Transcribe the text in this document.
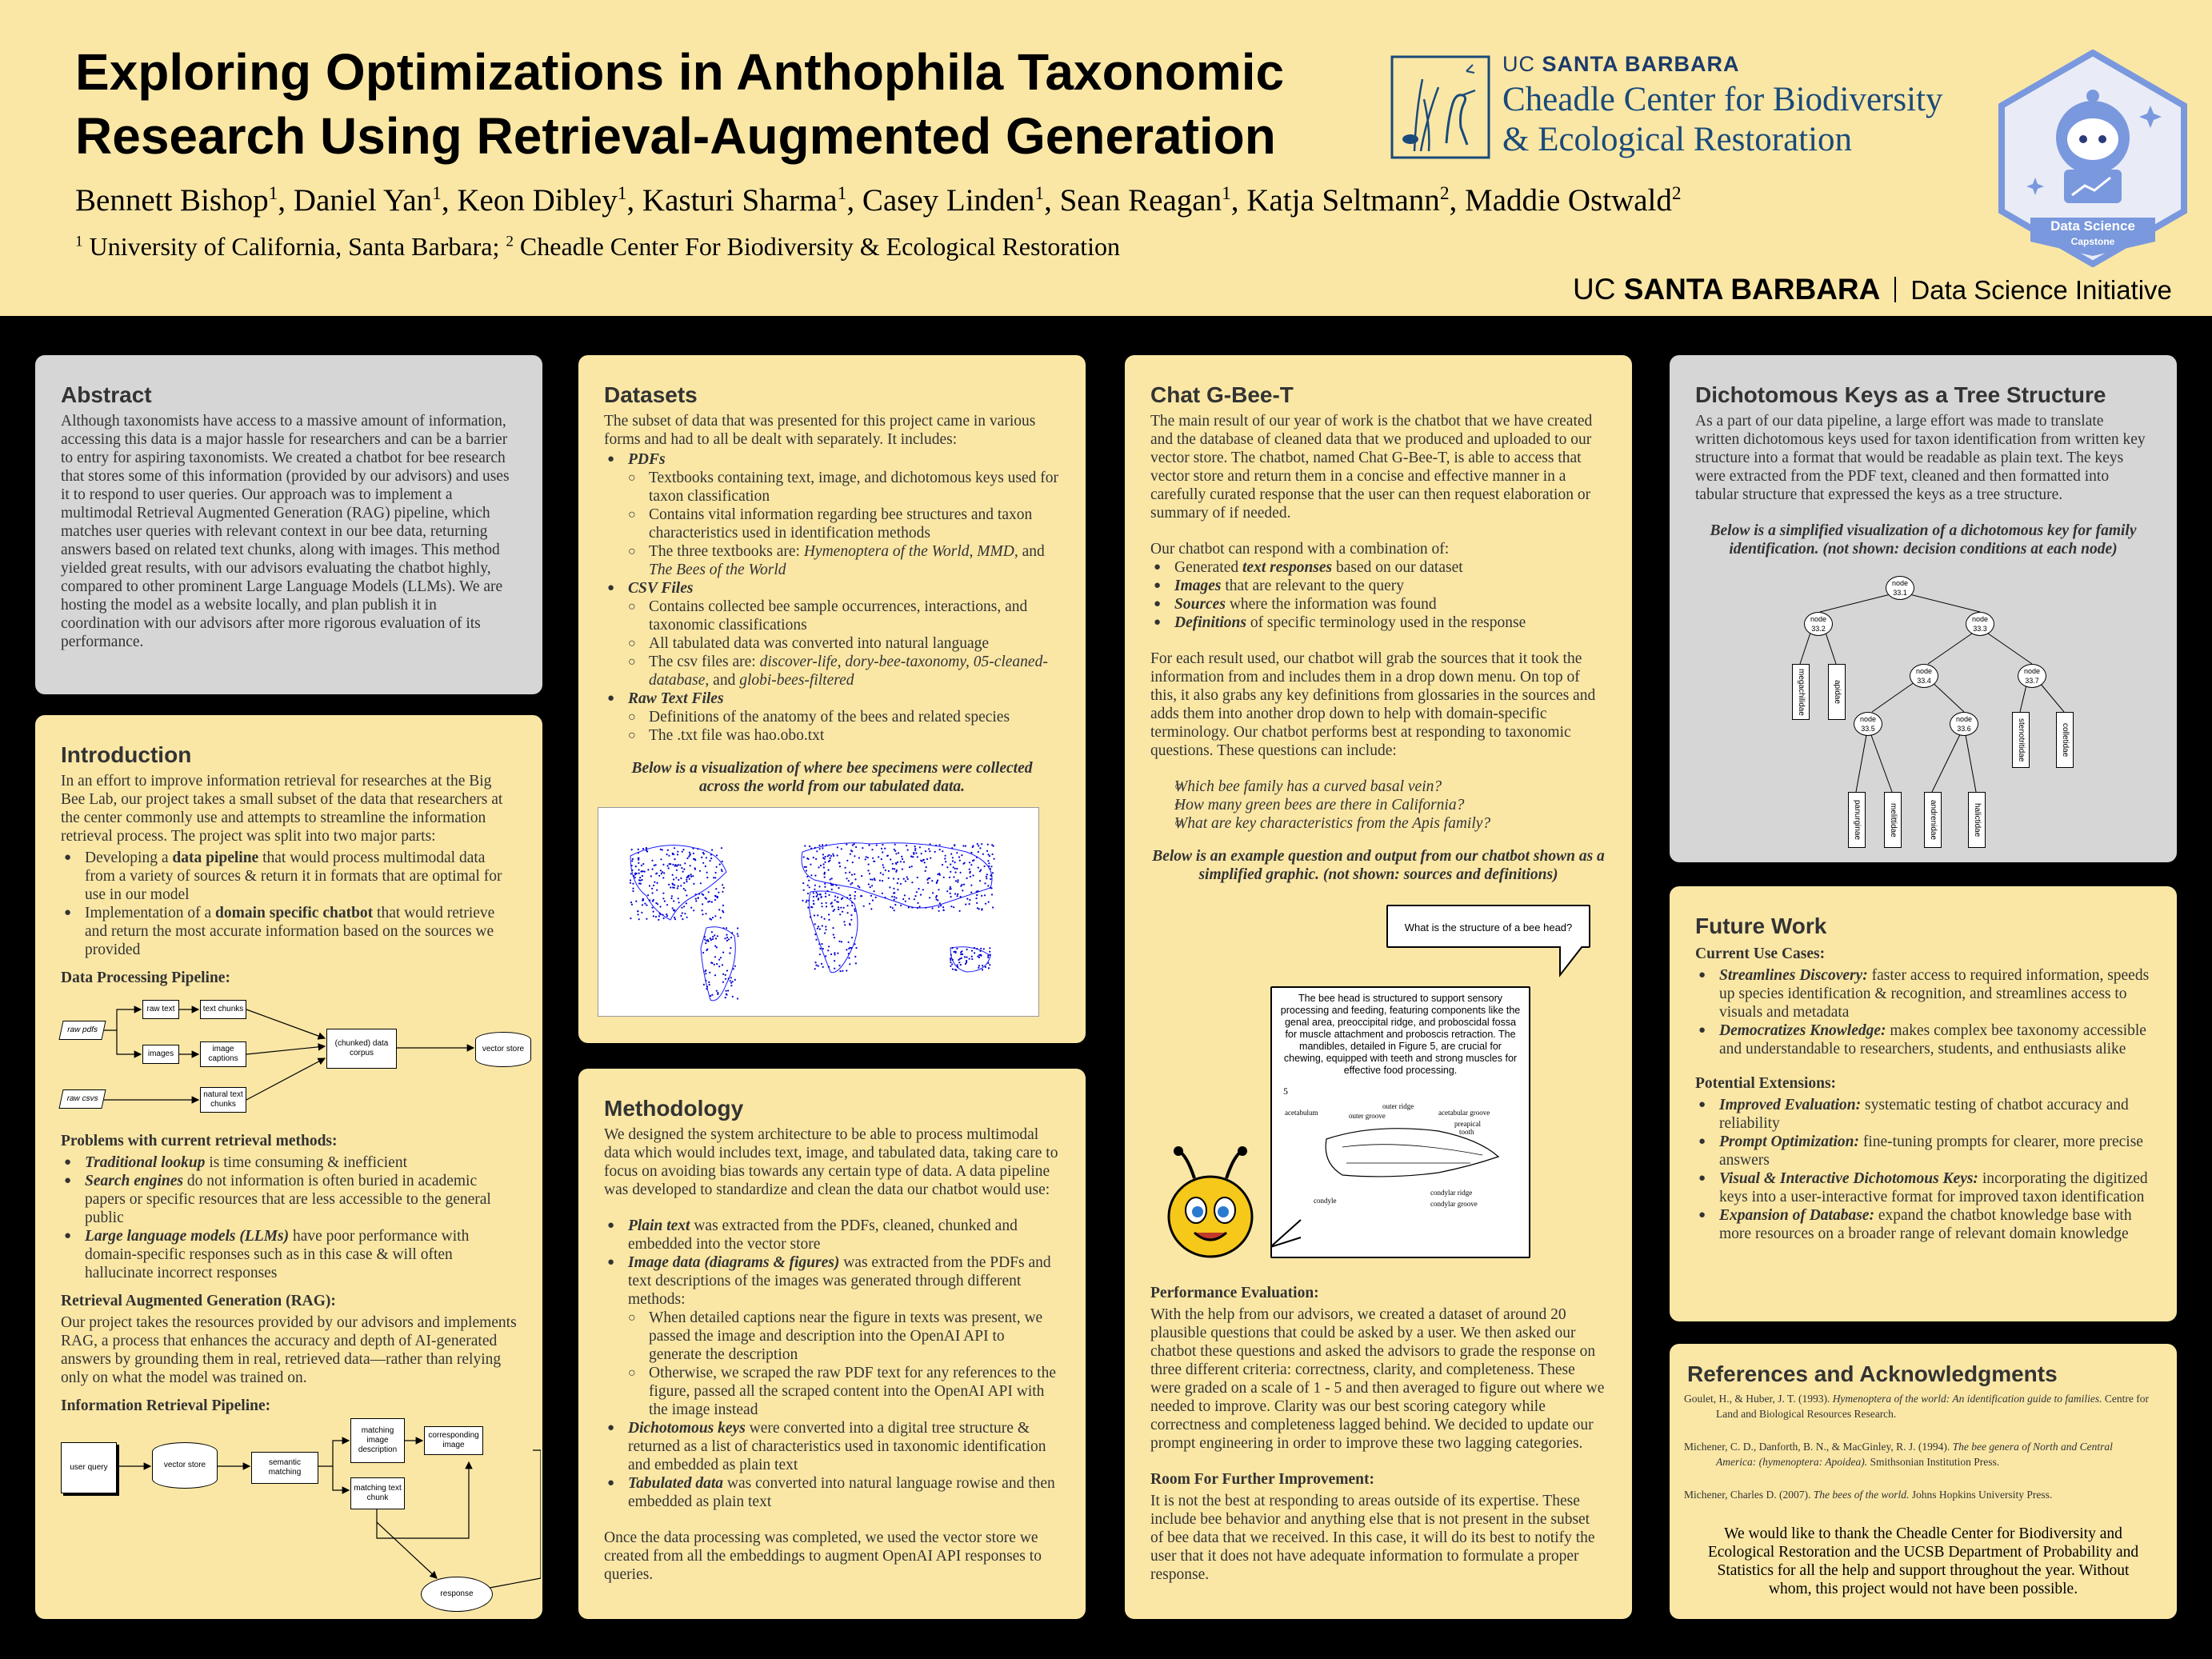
Exploring Optimizations in Anthophila Taxonomic Research Using Retrieval-Augmented Generation
Bennett Bishop$^1$, Daniel Yan$^1$, Keon Dibley$^1$, Kasturi Sharma$^1$, Casey Linden$^1$, Sean Reagan$^1$, Katja Seltmann$^2$, Maddie Ostwald$^2$
$^1$ University of California, Santa Barbara; $^2$ Cheadle Center For Biodiversity & Ecological Restoration
UC SANTA BARBARA
Cheadle Center for Biodiversity
& Ecological Restoration
Data Science
Capstone
UC SANTA BARBARA Data Science Initiative
Abstract

Although taxonomists have access to a massive amount of information, accessing this data is a major hassle for researchers and can be a barrier to entry for aspiring taxonomists. We created a chatbot for bee research that stores some of this information (provided by our advisors) and uses it to respond to user queries. Our approach was to implement a multimodal Retrieval Augmented Generation (RAG) pipeline, which matches user queries with relevant context in our bee data, returning answers based on related text chunks, along with images. This method yielded great results, with our advisors evaluating the chatbot highly, compared to other prominent Large Language Models (LLMs). We are hosting the model as a website locally, and plan publish it in coordination with our advisors after more rigorous evaluation of its performance.

Introduction

In an effort to improve information retrieval for researches at the Big Bee Lab, our project takes a small subset of the data that researchers at the center commonly use and attempts to streamline the information retrieval process. The project was split into two major parts:

● Developing a data pipeline that would process multimodal data from a variety of sources & return it in formats that are optimal for use in our model
● Implementation of a domain specific chatbot that would retrieve and return the most accurate information based on the sources we provided
Data Processing Pipeline:
raw pdfs
raw text
images
text chunks
image captions
raw csvs	natural text chunks
(chunked) data corpus	vector store
Problems with current retrieval methods:
● Traditional lookup is time consuming & inefficient
● Search engines do not information is often buried in academic papers or specific resources that are less accessible to the general public
● Large language models (LLMs) have poor performance with domain-specific responses such as in this case & will often hallucinate incorrect responses
Retrieval Augmented Generation (RAG):

Our project takes the resources provided by our advisors and implements RAG, a process that enhances the accuracy and depth of AI-generated answers by grounding them in real, retrieved data—rather than relying only on what the model was trained on.

Information Retrieval Pipeline:
user query	vector store	semantic matching
matching image description
matching text chunk
corresponding image
response
Datasets

The subset of data that was presented for this project came in various forms and had to all be dealt with separately. It includes:

● PDFs
○ Textbooks containing text, image, and dichotomous keys used for taxon classification
○ Contains vital information regarding bee structures and taxon characteristics used in identification methods
○ The three textbooks are: Hymenoptera of the World, MMD, and The Bees of the World
● CSV Files
○ Contains collected bee sample occurrences, interactions, and taxonomic classifications
○ All tabulated data was converted into natural language
○ The csv files are: discover-life, dory-bee-taxonomy, 05-cleaned-database, and globi-bees-filtered
● Raw Text Files
○ Definitions of the anatomy of the bees and related species
○ The .txt file was hao.obo.txt
Below is a visualization of where bee specimens were collected across the world from our tabulated data.
Methodology

We designed the system architecture to be able to process multimodal data which would includes text, image, and tabulated data, taking care to focus on avoiding bias towards any certain type of data. A data pipeline was developed to standardize and clean the data our chatbot would use:

● Plain text was extracted from the PDFs, cleaned, chunked and embedded into the vector store
● Image data (diagrams & figures) was extracted from the PDFs and text descriptions of the images was generated through different methods:
○ When detailed captions near the figure in texts was present, we passed the image and description into the OpenAI API to generate the description
○ Otherwise, we scraped the raw PDF text for any references to the figure, passed all the scraped content into the OpenAI API with the image instead
● Dichotomous keys were converted into a digital tree structure & returned as a list of characteristics used in taxonomic identification and embedded as plain text
● Tabulated data was converted into natural language rowise and then embedded as plain text

Once the data processing was completed, we used the vector store we created from all the embeddings to augment OpenAI API responses to queries.

Chat G-Bee-T

The main result of our year of work is the chatbot that we have created and the database of cleaned data that we produced and uploaded to our vector store. The chatbot, named Chat G-Bee-T, is able to access that vector store and return them in a concise and effective manner in a carefully curated response that the user can then request elaboration or summary of if needed.

Our chatbot can respond with a combination of:

● Generated text responses based on our dataset
● Images that are relevant to the query
● Sources where the information was found
● Definitions of specific terminology used in the response

For each result used, our chatbot will grab the sources that it took the information from and includes them in a drop down menu. On top of this, it also grabs any key definitions from glossaries in the sources and adds them into another drop down to help with domain-specific terminology. Our chatbot performs best at responding to taxonomic questions. These questions can include:

○ Which bee family has a curved basal vein?
○ How many green bees are there in California?
○ What are key characteristics from the Apis family?
Below is an example question and output from our chatbot shown as a simplified graphic. (not shown: sources and definitions)
What is the structure of a bee head?
The bee head is structured to support sensory processing and feeding, featuring components like the genal area, preoccipital ridge, and proboscidal fossa for muscle attachment and proboscis retraction. The mandibles, detailed in Figure 5, are crucial for chewing, equipped with teeth and strong muscles for effective food processing.
5
acetabulum
outer ridge
outer groove	acetabular groove
preapical
tooth
condyle
condylar ridge
condylar groove
Performance Evaluation:

With the help from our advisors, we created a dataset of around 20 plausible questions that could be asked by a user. We then asked our chatbot these questions and asked the advisors to grade the response on three different criteria: correctness, clarity, and completeness. These were graded on a scale of 1 - 5 and then averaged to figure out where we needed to improve. Clarity was our best scoring category while correctness and completeness lagged behind. We decided to update our prompt engineering in order to improve these two lagging categories.

Room For Further Improvement:

It is not the best at responding to areas outside of its expertise. These include bee behavior and anything else that is not present in the subset of bee data that we received. In this case, it will do its best to notify the user that it does not have adequate information to formulate a proper response.

Dichotomous Keys as a Tree Structure

As a part of our data pipeline, a large effort was made to translate written dichotomous keys used for taxon identification from written key structure into a format that would be readable as plain text. The keys were extracted from the PDF text, cleaned and then formatted into tabular structure that expressed the keys as a tree structure.

Below is a simplified visualization of a dichotomous key for family identification. (not shown: decision conditions at each node)
node 33.1
node 33.2
node 33.3
node 33.4
node 33.5
node 33.6
node 33.7
megachilidae	apidae
stenotritidae	colletidae
panurginae	melittidae	andrenidae	halictidae
Future Work
Current Use Cases:
● Streamlines Discovery: faster access to required information, speeds up species identification & recognition, and streamlines access to visuals and metadata
● Democratizes Knowledge: makes complex bee taxonomy accessible and understandable to researchers, students, and enthusiasts alike
Potential Extensions:
● Improved Evaluation: systematic testing of chatbot accuracy and reliability
● Prompt Optimization: fine-tuning prompts for clearer, more precise answers
● Visual & Interactive Dichotomous Keys: incorporating the digitized keys into a user-interactive format for improved taxon identification
● Expansion of Database: expand the chatbot knowledge base with more resources on a broader range of relevant domain knowledge
References and Acknowledgments

Goulet, H., & Huber, J. T. (1993). Hymenoptera of the world: An identification guide to families. Centre for Land and Biological Resources Research.

Michener, C. D., Danforth, B. N., & MacGinley, R. J. (1994). The bee genera of North and Central America: (hymenoptera: Apoidea). Smithsonian Institution Press.

Michener, Charles D. (2007). The bees of the world. Johns Hopkins University Press.

We would like to thank the Cheadle Center for Biodiversity and Ecological Restoration and the UCSB Department of Probability and Statistics for all the help and support throughout the year. Without whom, this project would not have been possible.
